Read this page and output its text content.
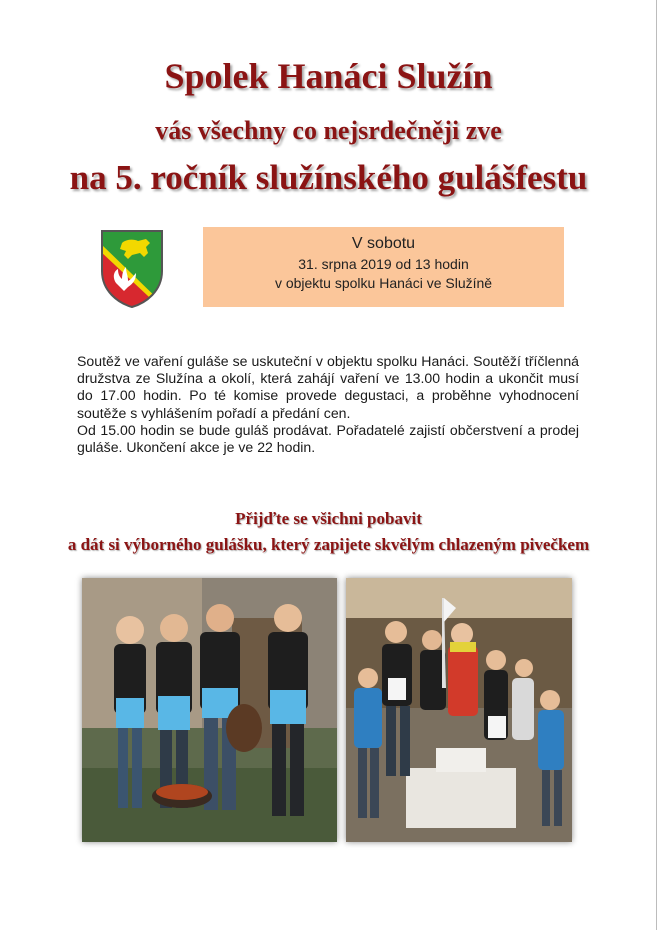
Spolek Hanáci Služín
vás všechny co nejsrdečněji zve
na 5. ročník služínského gulášfestu
V sobotu
31. srpna 2019 od 13 hodin
v objektu spolku Hanáci ve Služíně

Soutěž ve vaření guláše se uskuteční v objektu spolku Hanáci. Soutěží tříčlenná družstva ze Služína a okolí, která zahájí vaření ve 13.00 hodin a ukončit musí do 17.00 hodin. Po té komise provede degustaci, a proběhne vyhodnocení soutěže s vyhlášením pořadí a předání cen.
Od 15.00 hodin se bude guláš prodávat. Pořadatelé zajistí občerstvení a prodej guláše. Ukončení akce je ve 22 hodin.

Přijďte se všichni pobavit

a dát si výborného gulášku, který zapijete skvělým chlazeným pivečkem
